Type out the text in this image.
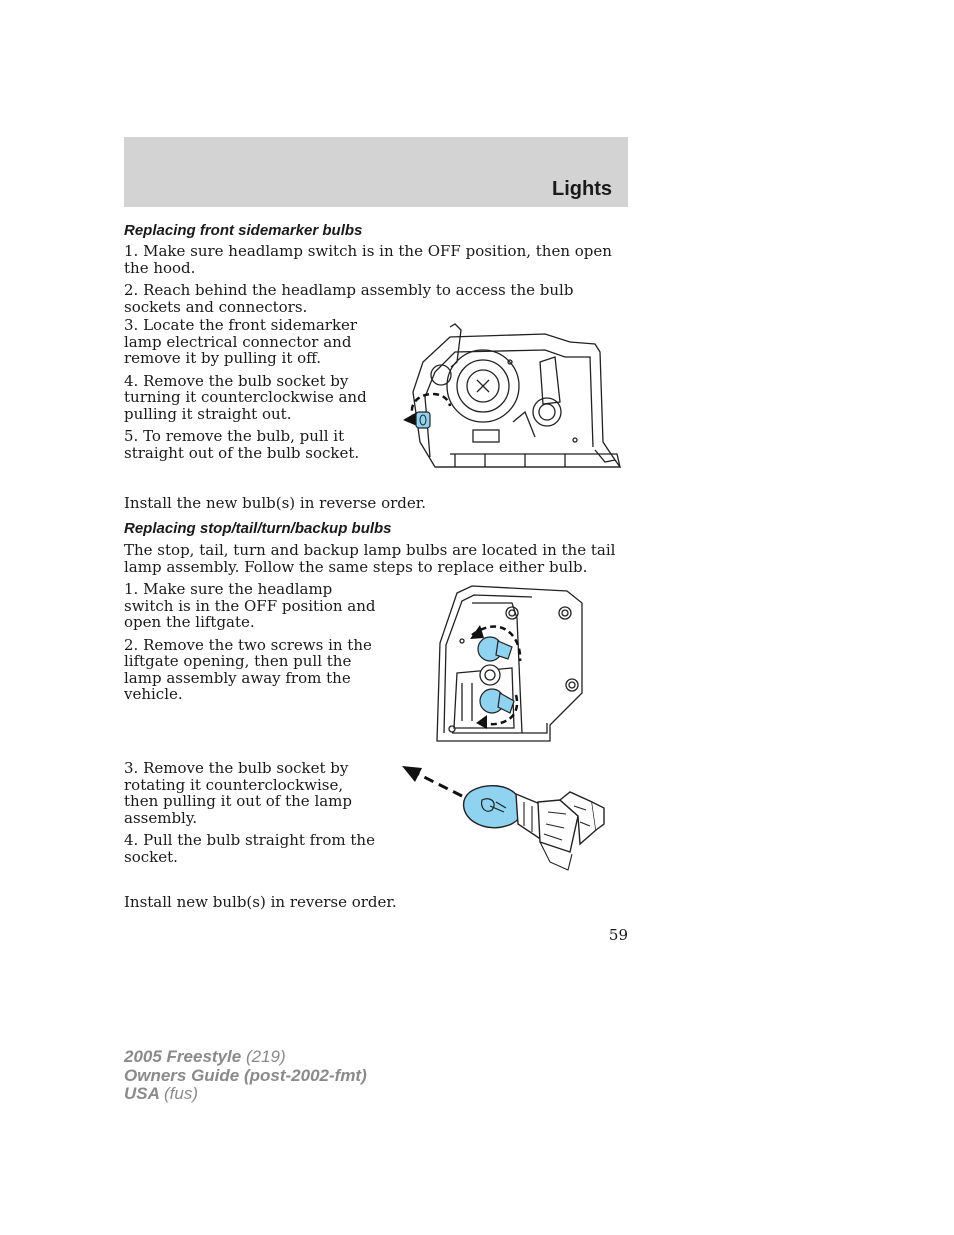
Lights
Replacing front sidemarker bulbs

1. Make sure headlamp switch is in the OFF position, then open the hood.

2. Reach behind the headlamp assembly to access the bulb sockets and connectors.

3. Locate the front sidemarker lamp electrical connector and remove it by pulling it off.

4. Remove the bulb socket by turning it counterclockwise and pulling it straight out.

5. To remove the bulb, pull it straight out of the bulb socket.

Install the new bulb(s) in reverse order.

Replacing stop/tail/turn/backup bulbs

The stop, tail, turn and backup lamp bulbs are located in the tail lamp assembly. Follow the same steps to replace either bulb.

1. Make sure the headlamp switch is in the OFF position and open the liftgate.

2. Remove the two screws in the liftgate opening, then pull the lamp assembly away from the vehicle.

3. Remove the bulb socket by rotating it counterclockwise, then pulling it out of the lamp assembly.

4. Pull the bulb straight from the socket.

Install new bulb(s) in reverse order.

59
2005 Freestyle (219)
Owners Guide (post-2002-fmt)
USA (fus)
